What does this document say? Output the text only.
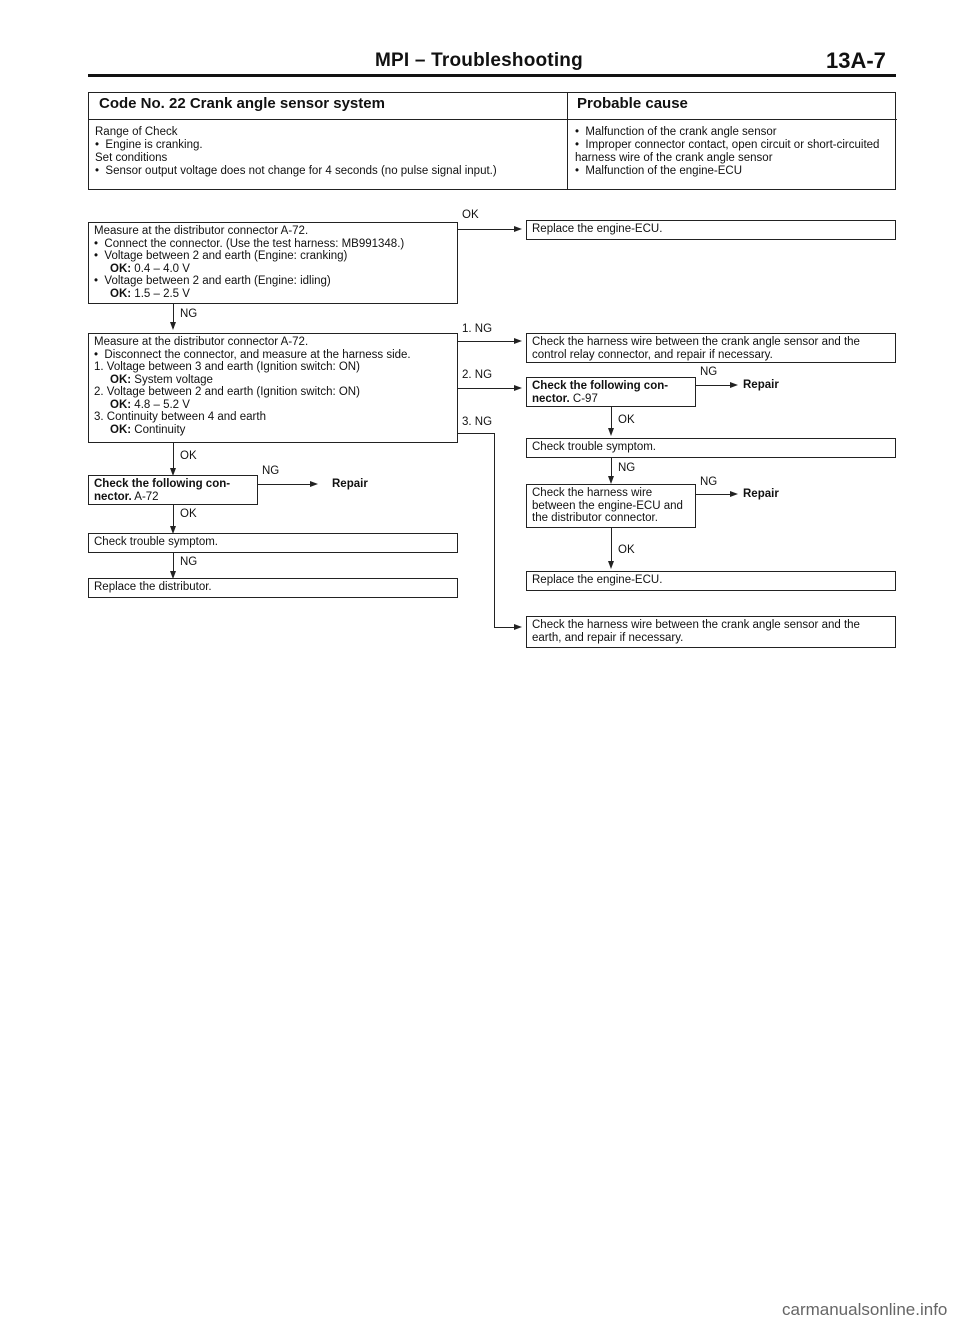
MPI – Troubleshooting	13A-7
Code No. 22 Crank angle sensor system	Probable cause
Range of Check
•  Engine is cranking.
Set conditions
•  Sensor output voltage does not change for 4 seconds (no pulse signal input.)
•  Malfunction of the crank angle sensor
•  Improper connector contact, open circuit or short-circuited harness wire of the crank angle sensor
•  Malfunction of the engine-ECU
Measure at the distributor connector A-72.
•  Connect the connector. (Use the test harness: MB991348.)
•  Voltage between 2 and earth (Engine: cranking)
OK: 0.4 – 4.0 V
•  Voltage between 2 and earth (Engine: idling)
OK: 1.5 – 2.5 V
OK
Replace the engine-ECU.
NG
Measure at the distributor connector A-72.
•  Disconnect the connector, and measure at the harness side.
1. Voltage between 3 and earth (Ignition switch: ON)
OK: System voltage
2. Voltage between 2 and earth (Ignition switch: ON)
OK: 4.8 – 5.2 V
3. Continuity between 4 and earth
OK: Continuity
1. NG
Check the harness wire between the crank angle sensor and the control relay connector, and repair if necessary.
2. NG
Check the following con-nector. C-97
NG
Repair
OK
Check trouble symptom.
NG
Check the harness wire between the engine-ECU and the distributor connector.
NG
Repair
OK
Replace the engine-ECU.
3. NG
Check the harness wire between the crank angle sensor and the earth, and repair if necessary.
OK
Check the following con-nector. A-72
NG
Repair
OK
Check trouble symptom.
NG
Replace the distributor.
carmanualsonline.info
